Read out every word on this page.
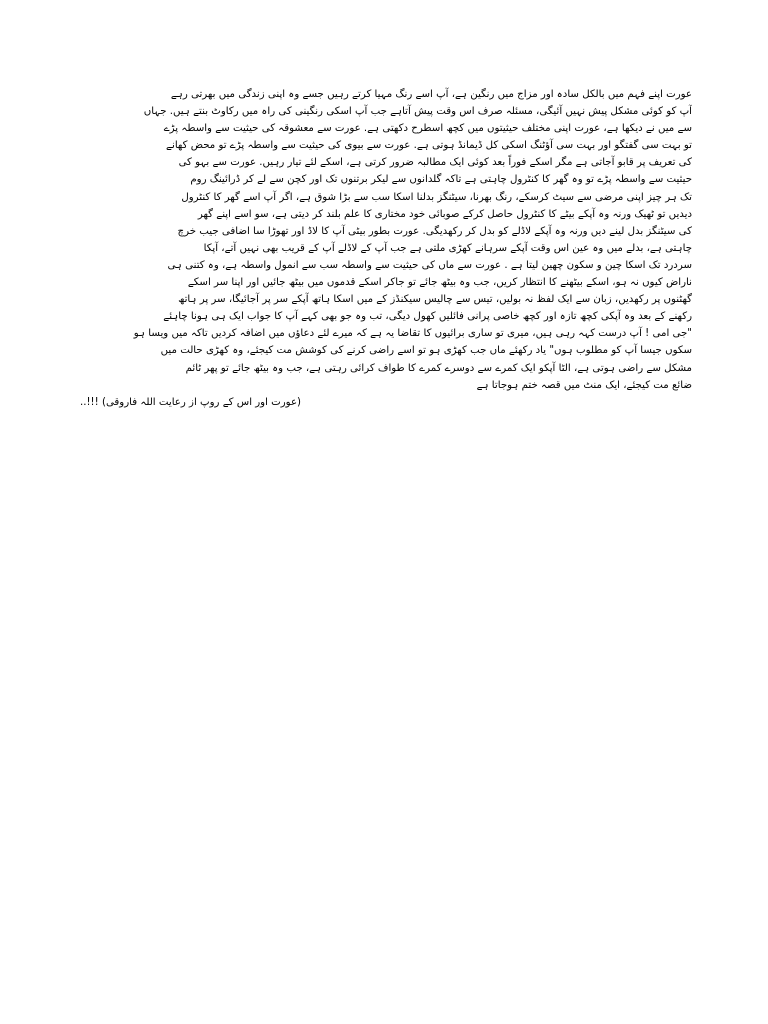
عورت اپنے فہم میں بالکل سادہ اور مزاج میں رنگین ہے، آپ اسے رنگ مہیا کرتے رہیں جسے وہ اپنی زندگی میں بھرتی رہے
آپ کو کوئی مشکل پیش نہیں آئیگی، مسئلہ صرف اس وقت پیش آتاہے جب آپ اسکی رنگینی کی راہ میں رکاوٹ بنتے ہیں. جہاں
سے میں نے دیکھا ہے، عورت اپنی مختلف حیثیتوں میں کچھ اسطرح دکھتی ہے. عورت سے معشوقہ کی حیثیت سے واسطہ پڑے
تو بہت سی گفتگو اور بہت سی آؤٹنگ اسکی کل ڈیمانڈ ہوتی ہے. عورت سے بیوی کی حیثیت سے واسطہ پڑے تو محض کھانے
کی تعریف پر قابو آجاتی ہے مگر اسکے فوراً بعد کوئی ایک مطالبہ ضرور کرتی ہے، اسکے لئے تیار رہیں. عورت سے بہو کی
حیثیت سے واسطہ پڑے تو وہ گھر کا کنٹرول چاہتی ہے تاکہ گلدانوں سے لیکر برتنوں تک اور کچن سے لے کر ڈرائینگ روم
تک ہر چیز اپنی مرضی سے سیٹ کرسکے، رنگ بھرنا، سیٹنگز بدلنا اسکا سب سے بڑا شوق ہے، اگر آپ اسے گھر کا کنٹرول
دیدیں تو ٹھیک ورنہ وہ آپکے بیٹے کا کنٹرول حاصل کرکے صوبائی خود مختاری کا علم بلند کر دیتی ہے، سو اسے اپنے گھر
کی سیٹنگز بدل لینے دیں ورنہ وہ آپکے لاڈلے کو بدل کر رکھدیگی. عورت بطور بیٹی آپ کا لاڈ اور تھوڑا سا اضافی جیب خرچ
چاہتی ہے، بدلے میں وہ عین اس وقت آپکے سرہانے کھڑی ملتی ہے جب آپ کے لاڈلے آپ کے قریب بھی نہیں آتے، آپکا
سردرد تک اسکا چین و سکون چھین لیتا ہے . عورت سے ماں کی حیثیت سے واسطہ سب سے انمول واسطہ ہے، وہ کتنی ہی
ناراض کیوں نہ ہو، اسکے بیٹھنے کا انتظار کریں، جب وہ بیٹھ جائے تو جاکر اسکے قدموں میں بیٹھ جائیں اور اپنا سر اسکے
گھٹنوں پر رکھدیں، زبان سے ایک لفظ نہ بولیں، تیس سے چالیس سیکنڈز کے میں اسکا ہاتھ آپکے سر پر آجائیگا، سر پر ہاتھ
رکھنے کے بعد وہ آپکی کچھ تازہ اور کچھ خاصی پرانی فائلیں کھول دیگی، تب وہ جو بھی کہے آپ کا جواب ایک ہی ہونا چاہئے
"جی امی ! آپ درست کہہ رہی ہیں، میری تو ساری برائیوں کا تقاضا یہ ہے کہ میرے لئے دعاؤں میں اضافہ کردیں تاکہ میں ویسا ہو
سکوں جیسا آپ کو مطلوب ہوں" یاد رکھئے ماں جب کھڑی ہو تو اسے راضی کرنے کی کوشش مت کیجئے، وہ کھڑی حالت میں
مشکل سے راضی ہوتی ہے، الٹا آپکو ایک کمرے سے دوسرے کمرے کا طواف کرائی رہتی ہے، جب وہ بیٹھ جائے تو پھر ٹائم
ضائع مت کیجئے، ایک منٹ میں قصہ ختم ہوجاتا ہے
(عورت اور اس کے روپ از رعایت اللہ فاروقی) !!!..
